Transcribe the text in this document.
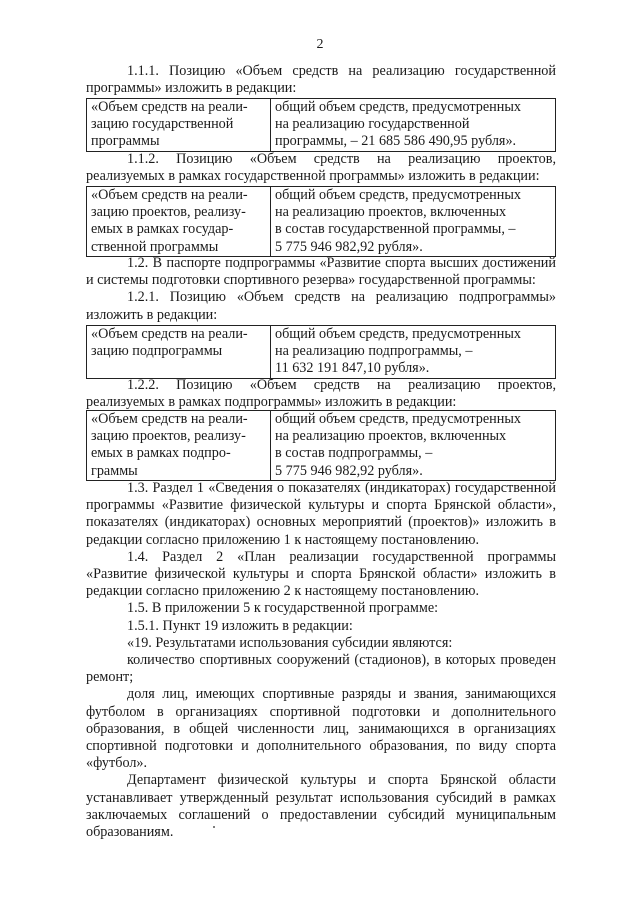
2

1.1.1. Позицию «Объем средств на реализацию государственной программы» изложить в редакции:

«Объем средств на реали-
зацию государственной
программы	общий объем средств, предусмотренных
на реализацию государственной
программы, – 21 685 586 490,95 рубля».

1.1.2. Позицию «Объем средств на реализацию проектов, реализуемых в рамках государственной программы» изложить в редакции:

«Объем средств на реали-
зацию проектов, реализу-
емых в рамках государ-
ственной программы	общий объем средств, предусмотренных
на реализацию проектов, включенных
в состав государственной программы, –
5 775 946 982,92 рубля».

1.2. В паспорте подпрограммы «Развитие спорта высших достижений и системы подготовки спортивного резерва» государственной программы:

1.2.1. Позицию «Объем средств на реализацию подпрограммы» изложить в редакции:

«Объем средств на реали-
зацию подпрограммы	общий объем средств, предусмотренных
на реализацию подпрограммы, –
11 632 191 847,10 рубля».

1.2.2. Позицию «Объем средств на реализацию проектов, реализуемых в рамках подпрограммы» изложить в редакции:

«Объем средств на реали-
зацию проектов, реализу-
емых в рамках подпро-
граммы	общий объем средств, предусмотренных
на реализацию проектов, включенных
в состав подпрограммы, –
5 775 946 982,92 рубля».

1.3. Раздел 1 «Сведения о показателях (индикаторах) государственной программы «Развитие физической культуры и спорта Брянской области», показателях (индикаторах) основных мероприятий (проектов)» изложить в редакции согласно приложению 1 к настоящему постановлению.

1.4. Раздел 2 «План реализации государственной программы «Развитие физической культуры и спорта Брянской области» изложить в редакции согласно приложению 2 к настоящему постановлению.

1.5. В приложении 5 к государственной программе:

1.5.1. Пункт 19 изложить в редакции:

«19. Результатами использования субсидии являются:

количество спортивных сооружений (стадионов), в которых проведен ремонт;

доля лиц, имеющих спортивные разряды и звания, занимающихся футболом в организациях спортивной подготовки и дополнительного образования, в общей численности лиц, занимающихся в организациях спортивной подготовки и дополнительного образования, по виду спорта «футбол».

Департамент физической культуры и спорта Брянской области устанавливает утвержденный результат использования субсидий в рамках заключаемых соглашений о предоставлении субсидий муниципальным образованиям.
